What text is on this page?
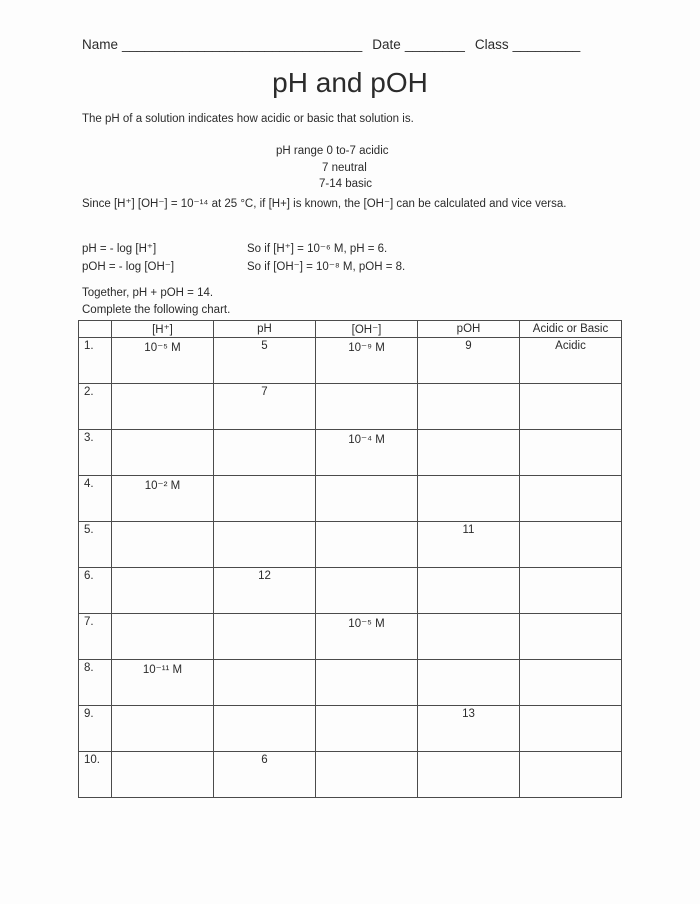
Name ________________________________ Date ________ Class _________
pH and pOH
The pH of a solution indicates how acidic or basic that solution is.
pH range 0 to-7 acidic
7 neutral
7-14 basic
Since [H⁺] [OH⁻] = 10⁻¹⁴ at 25 °C, if [H+] is known, the [OH⁻] can be calculated and vice versa.
pH = - log [H⁺]	So if [H⁺] = 10⁻⁶ M, pH = 6.
pOH = - log [OH⁻]	So if [OH⁻] = 10⁻⁸ M, pOH = 8.
Together, pH + pOH = 14.
Complete the following chart.
	[H⁺]	pH	[OH⁻]	pOH	Acidic or Basic
1.	10⁻⁵ M	5	10⁻⁹ M	9	Acidic
2.		7			
3.			10⁻⁴ M		
4.	10⁻² M				
5.				11	
6.		12			
7.			10⁻⁵ M		
8.	10⁻¹¹ M				
9.				13	
10.		6			
